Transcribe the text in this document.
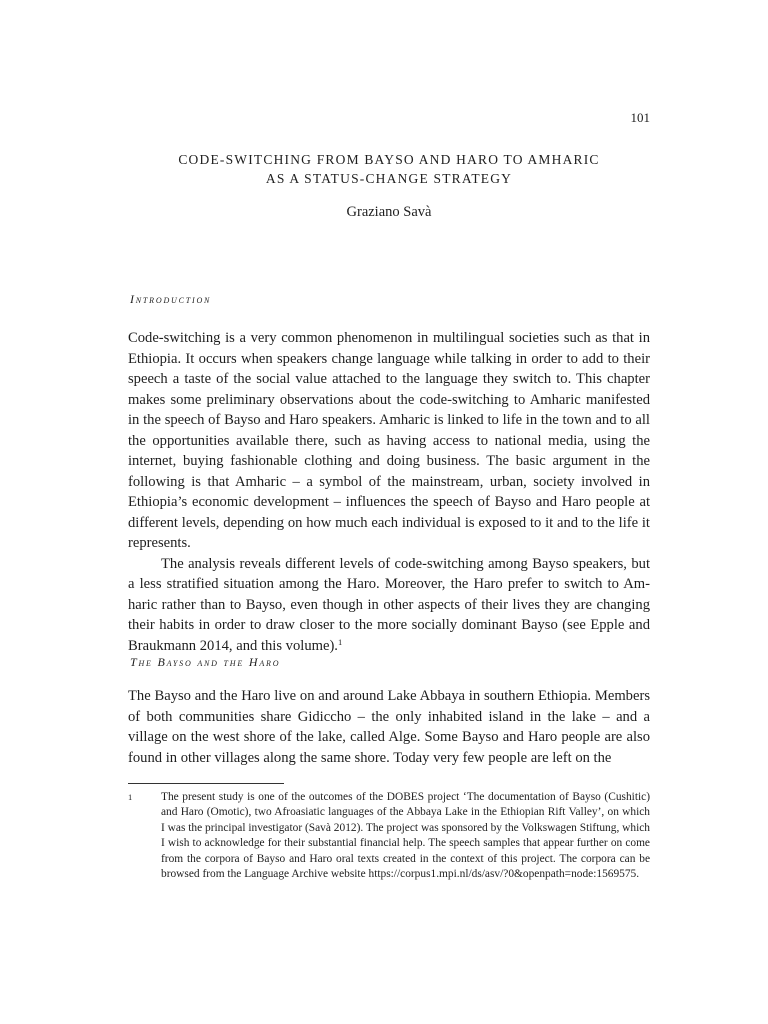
101
CODE-SWITCHING FROM BAYSO AND HARO TO AMHARIC
AS A STATUS-CHANGE STRATEGY
Graziano Savà
Introduction

Code-switching is a very common phenomenon in multilingual societies such as that in Ethiopia. It occurs when speakers change language while talking in order to add to their speech a taste of the social value attached to the language they switch to. This chapter makes some preliminary observations about the code-switching to Amharic manifested in the speech of Bayso and Haro speakers. Amharic is linked to life in the town and to all the opportunities available there, such as having access to national media, using the internet, buying fashionable clothing and doing business. The basic argument in the following is that Amharic – a symbol of the mainstream, urban, society involved in Ethiopia’s economic development – influences the speech of Bayso and Haro people at different levels, depending on how much each individual is exposed to it and to the life it represents.

The analysis reveals different levels of code-switching among Bayso speakers, but a less stratified situation among the Haro. Moreover, the Haro prefer to switch to Amharic rather than to Bayso, even though in other aspects of their lives they are changing their habits in order to draw closer to the more socially dominant Bayso (see Epple and Braukmann 2014, and this volume).$^1$

The Bayso and the Haro

The Bayso and the Haro live on and around Lake Abbaya in southern Ethiopia. Members of both communities share Gidiccho – the only inhabited island in the lake – and a village on the west shore of the lake, called Alge. Some Bayso and Haro people are also found in other villages along the same shore. Today very few people are left on the

1	The present study is one of the outcomes of the DOBES project ‘The documentation of Bayso (Cushitic) and Haro (Omotic), two Afroasiatic languages of the Abbaya Lake in the Ethiopian Rift Valley’, on which I was the principal investigator (Savà 2012). The project was sponsored by the Volkswagen Stiftung, which I wish to acknowledge for their substantial financial help. The speech samples that appear further on come from the corpora of Bayso and Haro oral texts created in the context of this project. The corpora can be browsed from the Language Archive website https://corpus1.mpi.nl/ds/asv/?0&openpath=node:1569575.
